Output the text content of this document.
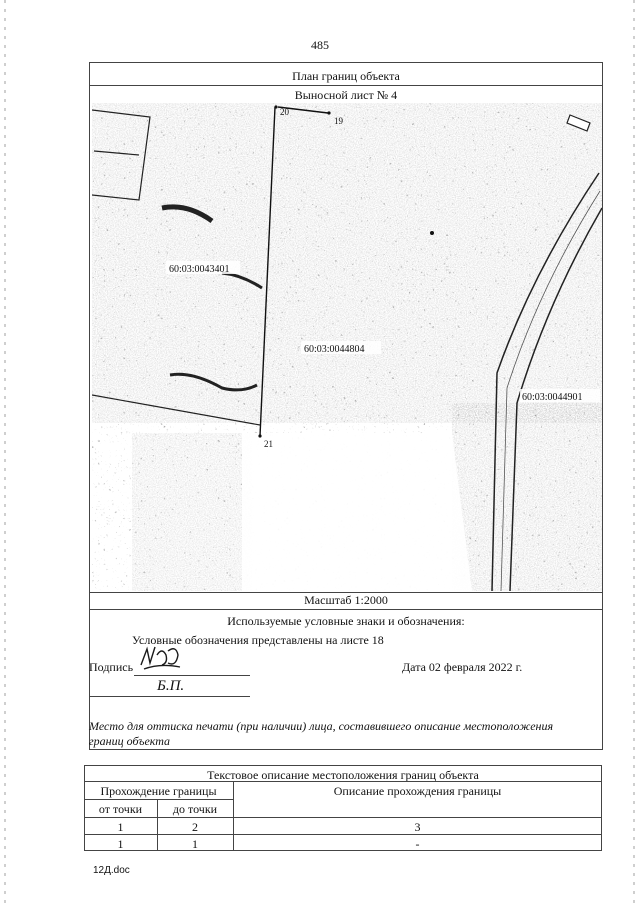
485
План границ объекта
Выносной лист № 4
60:03:0043401
60:03:0044804
60:03:0044901
20
19
21
Масштаб 1:2000
Используемые условные знаки и обозначения:
Условные обозначения представлены на листе 18
Подпись
Б.П.
Дата 02 февраля 2022 г.
Место для оттиска печати (при наличии) лица, составившего описание местоположения
границ объекта
Текстовое описание местоположения границ объекта
Прохождение границы	Описание прохождения границы
от точки	до точки
1	2	3
1	1	-
12Д.doc
